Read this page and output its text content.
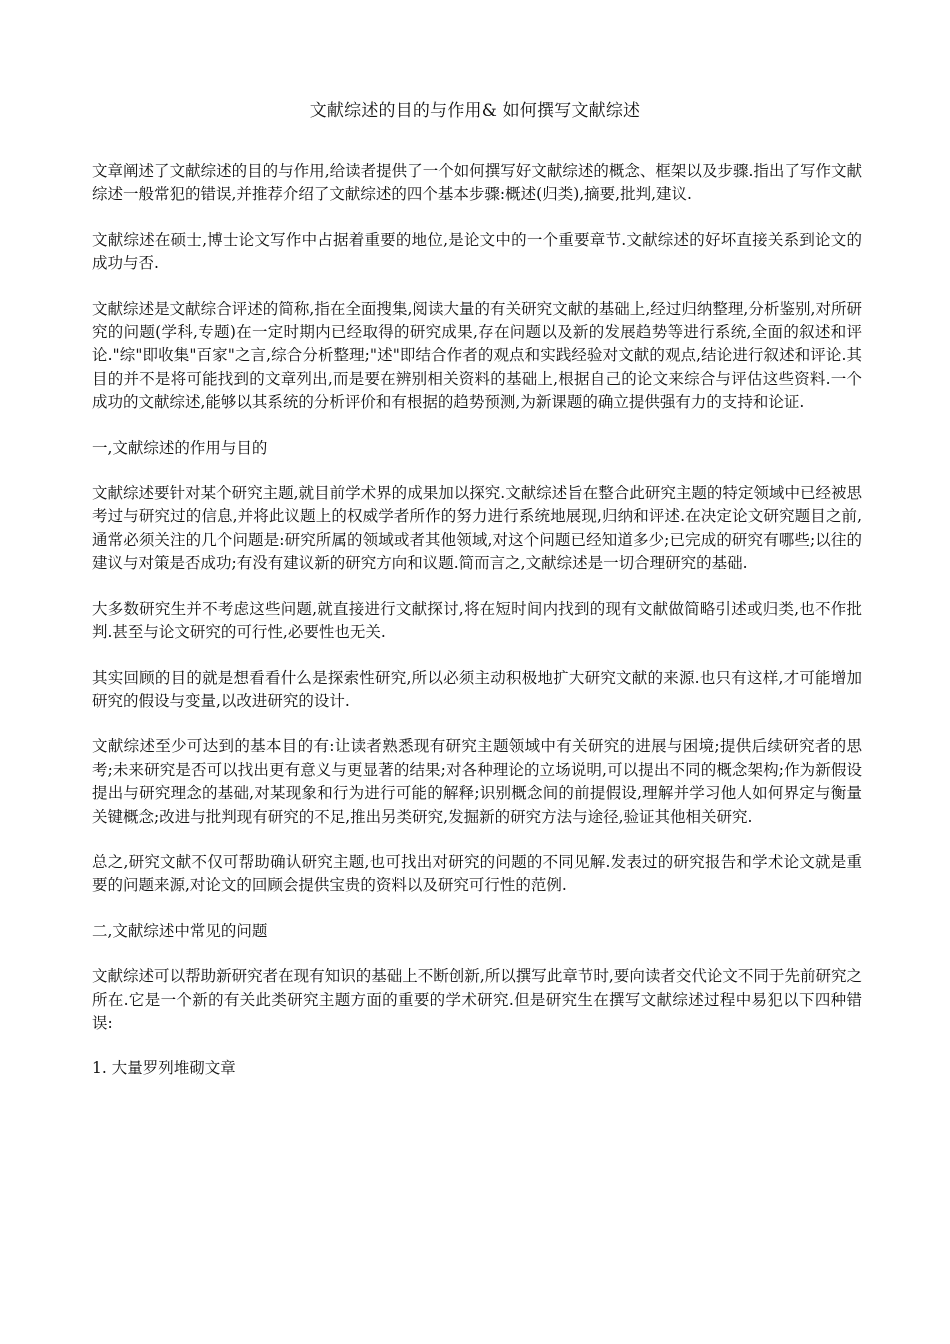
文献综述的目的与作用& 如何撰写文献综述

文章阐述了文献综述的目的与作用,给读者提供了一个如何撰写好文献综述的概念、框架以及步骤.指出了写作文献综述一般常犯的错误,并推荐介绍了文献综述的四个基本步骤:概述(归类),摘要,批判,建议.

文献综述在硕士,博士论文写作中占据着重要的地位,是论文中的一个重要章节.文献综述的好坏直接关系到论文的成功与否.

文献综述是文献综合评述的简称,指在全面搜集,阅读大量的有关研究文献的基础上,经过归纳整理,分析鉴别,对所研究的问题(学科,专题)在一定时期内已经取得的研究成果,存在问题以及新的发展趋势等进行系统,全面的叙述和评论."综"即收集"百家"之言,综合分析整理;"述"即结合作者的观点和实践经验对文献的观点,结论进行叙述和评论.其目的并不是将可能找到的文章列出,而是要在辨别相关资料的基础上,根据自己的论文来综合与评估这些资料.一个成功的文献综述,能够以其系统的分析评价和有根据的趋势预测,为新课题的确立提供强有力的支持和论证.

一,文献综述的作用与目的

文献综述要针对某个研究主题,就目前学术界的成果加以探究.文献综述旨在整合此研究主题的特定领域中已经被思考过与研究过的信息,并将此议题上的权威学者所作的努力进行系统地展现,归纳和评述.在决定论文研究题目之前,通常必须关注的几个问题是:研究所属的领域或者其他领域,对这个问题已经知道多少;已完成的研究有哪些;以往的建议与对策是否成功;有没有建议新的研究方向和议题.简而言之,文献综述是一切合理研究的基础.

大多数研究生并不考虑这些问题,就直接进行文献探讨,将在短时间内找到的现有文献做简略引述或归类,也不作批判.甚至与论文研究的可行性,必要性也无关.

其实回顾的目的就是想看看什么是探索性研究,所以必须主动积极地扩大研究文献的来源.也只有这样,才可能增加研究的假设与变量,以改进研究的设计.

文献综述至少可达到的基本目的有:让读者熟悉现有研究主题领域中有关研究的进展与困境;提供后续研究者的思考;未来研究是否可以找出更有意义与更显著的结果;对各种理论的立场说明,可以提出不同的概念架构;作为新假设提出与研究理念的基础,对某现象和行为进行可能的解释;识别概念间的前提假设,理解并学习他人如何界定与衡量关键概念;改进与批判现有研究的不足,推出另类研究,发掘新的研究方法与途径,验证其他相关研究.

总之,研究文献不仅可帮助确认研究主题,也可找出对研究的问题的不同见解.发表过的研究报告和学术论文就是重要的问题来源,对论文的回顾会提供宝贵的资料以及研究可行性的范例.

二,文献综述中常见的问题

文献综述可以帮助新研究者在现有知识的基础上不断创新,所以撰写此章节时,要向读者交代论文不同于先前研究之所在.它是一个新的有关此类研究主题方面的重要的学术研究.但是研究生在撰写文献综述过程中易犯以下四种错误:

1. 大量罗列堆砌文章
